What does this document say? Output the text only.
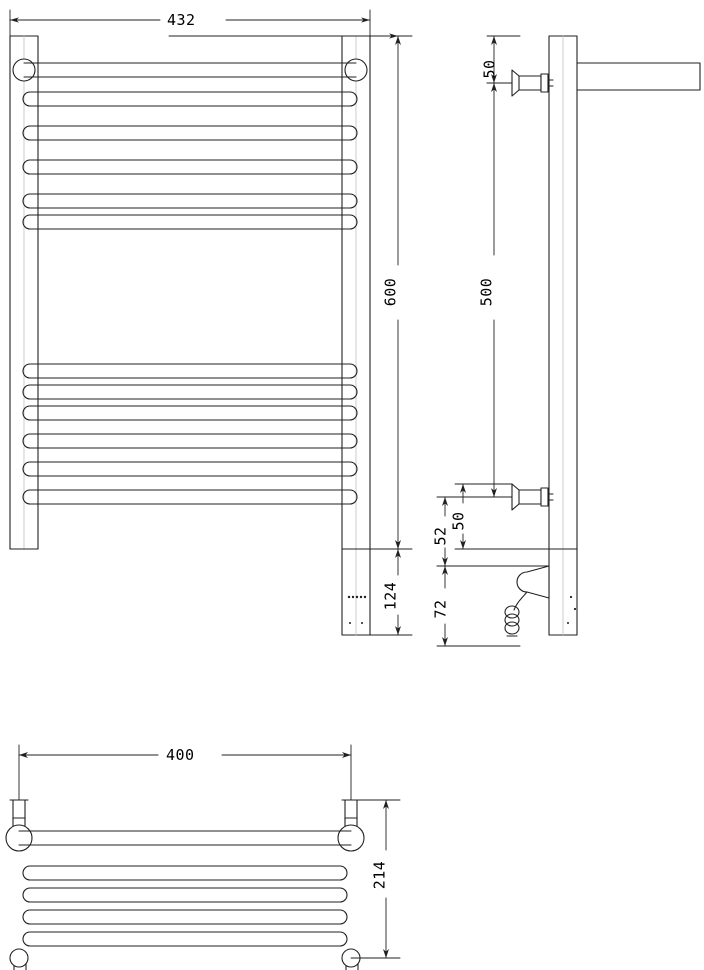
432
600
124
50
500
50
52
72
400
214
